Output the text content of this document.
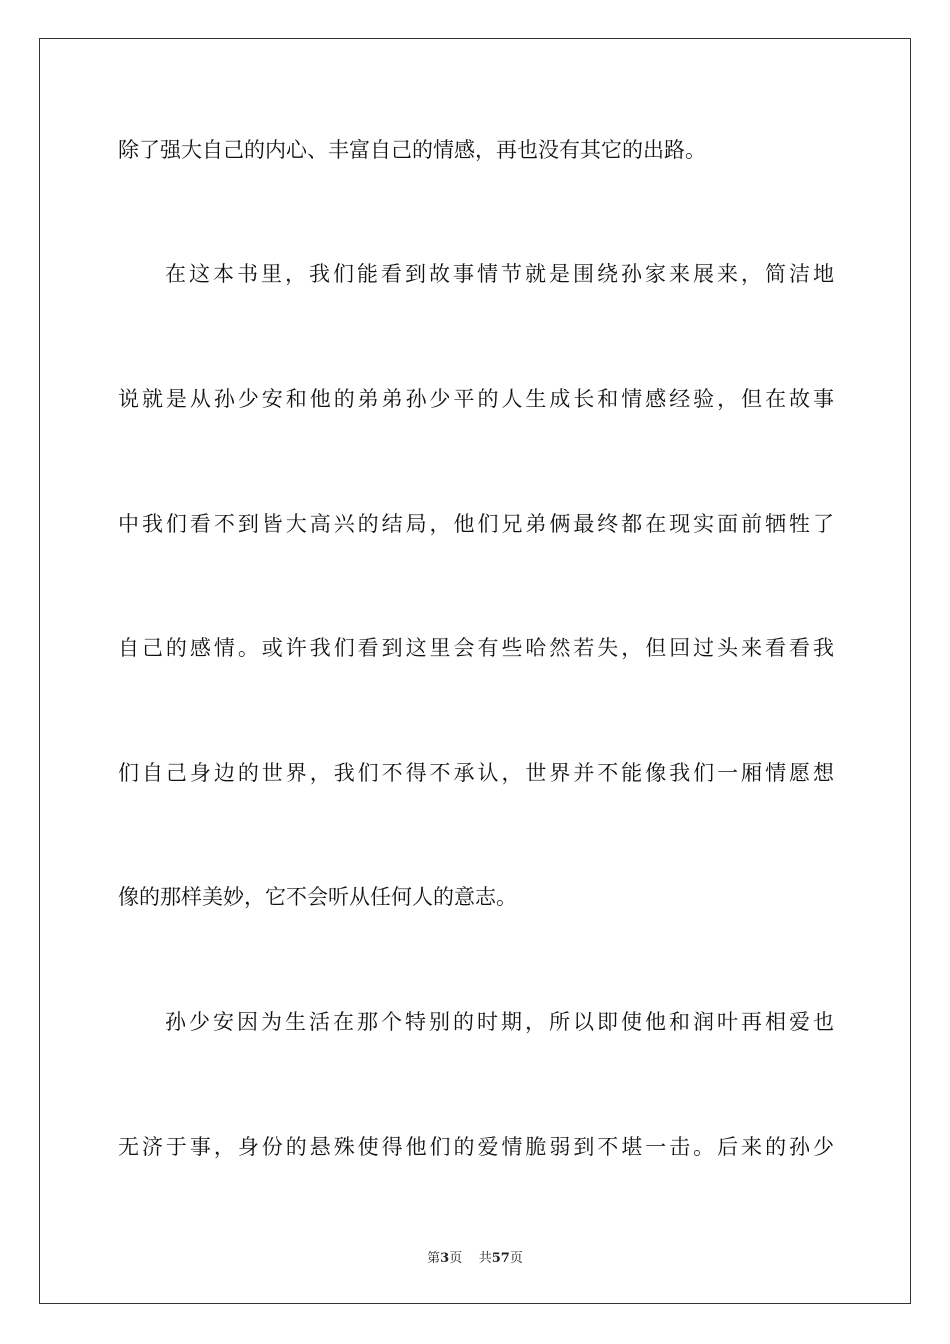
除了强大自己的内心、丰富自己的情感，再也没有其它的出路。

在这本书里，我们能看到故事情节就是围绕孙家来展来，简洁地

说就是从孙少安和他的弟弟孙少平的人生成长和情感经验，但在故事

中我们看不到皆大高兴的结局，他们兄弟俩最终都在现实面前牺牲了

自己的感情。或许我们看到这里会有些哈然若失，但回过头来看看我

们自己身边的世界，我们不得不承认，世界并不能像我们一厢情愿想

像的那样美妙，它不会听从任何人的意志。

孙少安因为生活在那个特别的时期，所以即使他和润叶再相爱也

无济于事，身份的悬殊使得他们的爱情脆弱到不堪一击。后来的孙少

第3页 共57页
